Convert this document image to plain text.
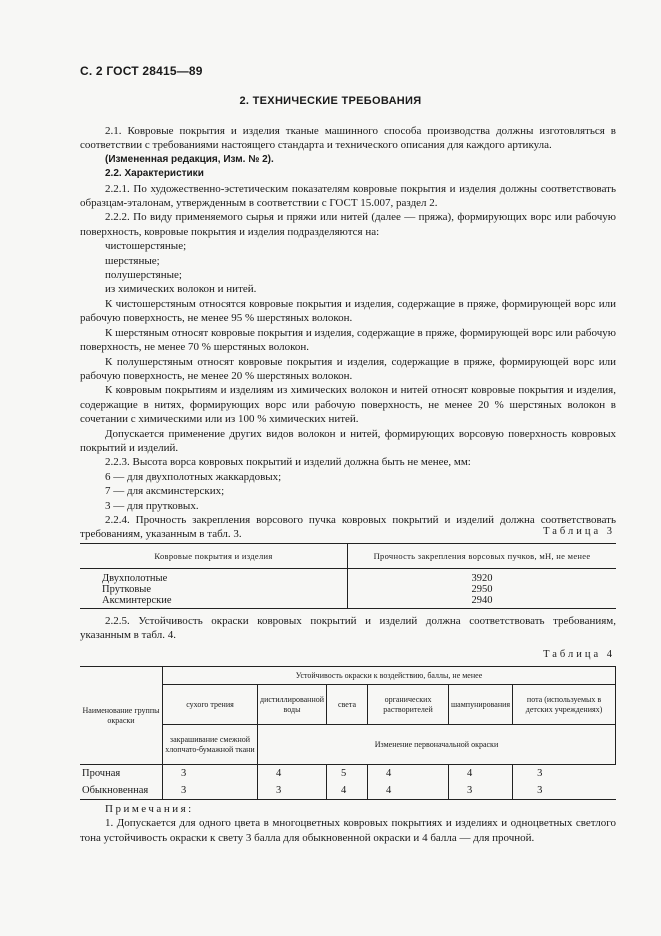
С. 2 ГОСТ 28415—89
2. ТЕХНИЧЕСКИЕ ТРЕБОВАНИЯ

2.1. Ковровые покрытия и изделия тканые машинного способа производства должны изготовляться в соответствии с требованиями настоящего стандарта и технического описания для каждого артикула.

(Измененная редакция, Изм. № 2).

2.2. Характеристики

2.2.1. По художественно-эстетическим показателям ковровые покрытия и изделия должны соответствовать образцам-эталонам, утвержденным в соответствии с ГОСТ 15.007, раздел 2.

2.2.2. По виду применяемого сырья и пряжи или нитей (далее — пряжа), формирующих ворс или рабочую поверхность, ковровые покрытия и изделия подразделяются на:

чистошерстяные;

шерстяные;

полушерстяные;

из химических волокон и нитей.

К чистошерстяным относятся ковровые покрытия и изделия, содержащие в пряже, формирующей ворс или рабочую поверхность, не менее 95 % шерстяных волокон.

К шерстяным относят ковровые покрытия и изделия, содержащие в пряже, формирующей ворс или рабочую поверхность, не менее 70 % шерстяных волокон.

К полушерстяным относят ковровые покрытия и изделия, содержащие в пряже, формирующей ворс или рабочую поверхность, не менее 20 % шерстяных волокон.

К ковровым покрытиям и изделиям из химических волокон и нитей относят ковровые покрытия и изделия, содержащие в нитях, формирующих ворс или рабочую поверхность, не менее 20 % шерстяных волокон в сочетании с химическими или из 100 % химических нитей.

Допускается применение других видов волокон и нитей, формирующих ворсовую поверхность ковровых покрытий и изделий.

2.2.3. Высота ворса ковровых покрытий и изделий должна быть не менее, мм:

6 — для двухполотных жаккардовых;

7 — для аксминстерских;

3 — для прутковых.

2.2.4. Прочность закрепления ворсового пучка ковровых покрытий и изделий должна соответствовать требованиям, указанным в табл. 3.	Таблица 3
Ковровые покрытия и изделия	Прочность закрепления ворсовых пучков, мН, не менее
Двухполотные	3920
Прутковые	2950
Аксминтерские	2940

2.2.5. Устойчивость окраски ковровых покрытий и изделий должна соответствовать требованиям, указанным в табл. 4.

Таблица 4
Наименование группы окраски	Устойчивость окраски к воздействию, баллы, не менее					
	сухого трения	дистиллированной воды	света	органических растворителей	шампунирования	пота (используемых в детских учреждениях)
	закрашивание смежной хлопчато-бумажной ткани	Изменение первоначальной окраски				
Прочная	3	4	5	4	4	3
Обыкновенная	3	3	4	4	3	3

Примечания:

1. Допускается для одного цвета в многоцветных ковровых покрытиях и изделиях и одноцветных светлого тона устойчивость окраски к свету 3 балла для обыкновенной окраски и 4 балла — для прочной.
